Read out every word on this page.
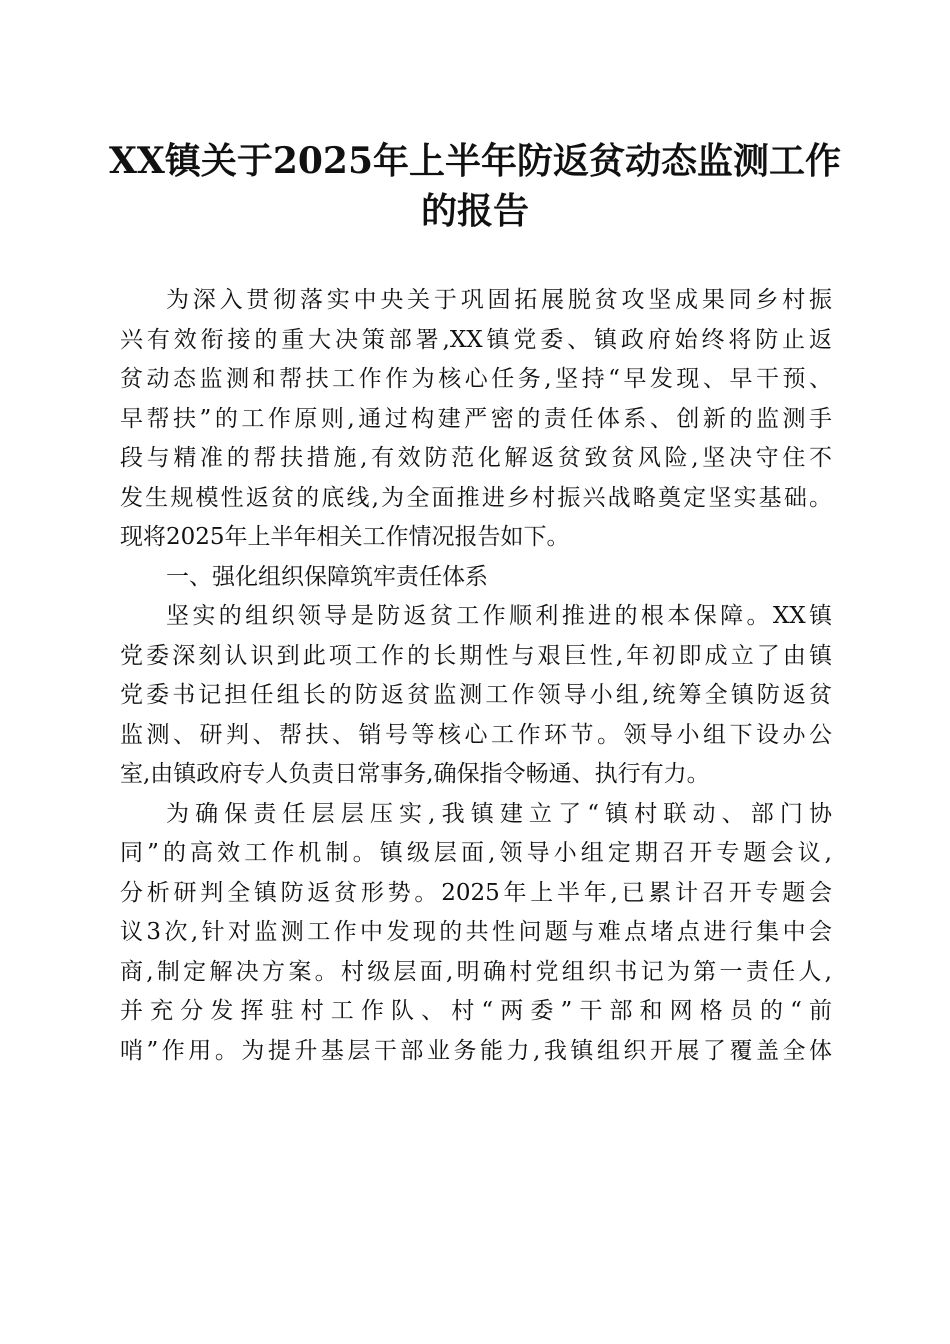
XX镇关于2025年上半年防返贫动态监测工作
的报告

为深入贯彻落实中央关于巩固拓展脱贫攻坚成果同乡村振
兴有效衔接的重大决策部署,XX镇党委、镇政府始终将防止返
贫动态监测和帮扶工作作为核心任务,坚持“早发现、早干预、
早帮扶”的工作原则,通过构建严密的责任体系、创新的监测手
段与精准的帮扶措施,有效防范化解返贫致贫风险,坚决守住不
发生规模性返贫的底线,为全面推进乡村振兴战略奠定坚实基础。
现将2025年上半年相关工作情况报告如下。

一、强化组织保障筑牢责任体系

坚实的组织领导是防返贫工作顺利推进的根本保障。XX镇
党委深刻认识到此项工作的长期性与艰巨性,年初即成立了由镇
党委书记担任组长的防返贫监测工作领导小组,统筹全镇防返贫
监测、研判、帮扶、销号等核心工作环节。领导小组下设办公
室,由镇政府专人负责日常事务,确保指令畅通、执行有力。

为确保责任层层压实,我镇建立了“镇村联动、部门协
同”的高效工作机制。镇级层面,领导小组定期召开专题会议,
分析研判全镇防返贫形势。2025年上半年,已累计召开专题会
议3次,针对监测工作中发现的共性问题与难点堵点进行集中会
商,制定解决方案。村级层面,明确村党组织书记为第一责任人,
并充分发挥驻村工作队、村“两委”干部和网格员的“前
哨”作用。为提升基层干部业务能力,我镇组织开展了覆盖全体
